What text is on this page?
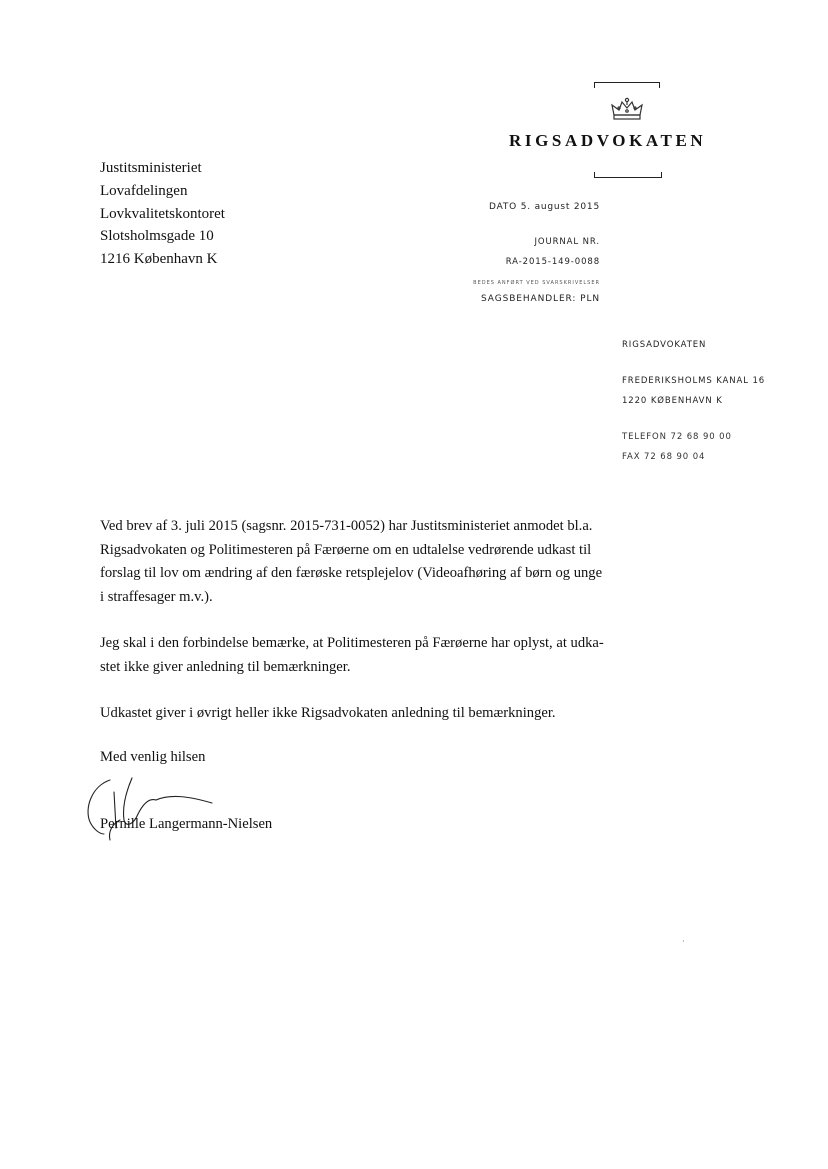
RIGSADVOKATEN
Justitsministeriet
Lovafdelingen
Lovkvalitetskontoret
Slotsholmsgade 10
1216 København K
DATO 5. august 2015
JOURNAL NR.
RA-2015-149-0088
BEDES ANFØRT VED SVARSKRIVELSER
SAGSBEHANDLER: PLN
RIGSADVOKATEN
FREDERIKSHOLMS KANAL 16
1220 KØBENHAVN K
TELEFON 72 68 90 00
FAX 72 68 90 04
Ved brev af 3. juli 2015 (sagsnr. 2015-731-0052) har Justitsministeriet anmodet bl.a.
Rigsadvokaten og Politimesteren på Færøerne om en udtalelse vedrørende udkast til
forslag til lov om ændring af den færøske retsplejelov (Videoafhøring af børn og unge
i straffesager m.v.).
Jeg skal i den forbindelse bemærke, at Politimesteren på Færøerne har oplyst, at udka-
stet ikke giver anledning til bemærkninger.
Udkastet giver i øvrigt heller ikke Rigsadvokaten anledning til bemærkninger.
Med venlig hilsen
Pernille Langermann-Nielsen
